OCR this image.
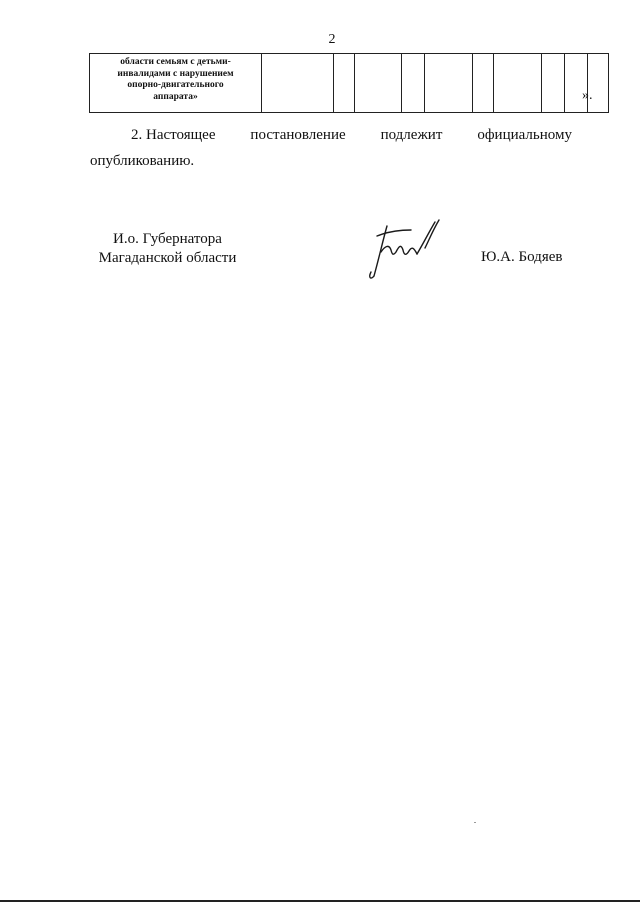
2
области семьям с детьми-
инвалидами с нарушением
опорно-двигательного
аппарата»
											».
2. Настоящее постановление подлежит официальному
опубликованию.
И.о. Губернатора
Магаданской области	Ю.А. Бодяев
